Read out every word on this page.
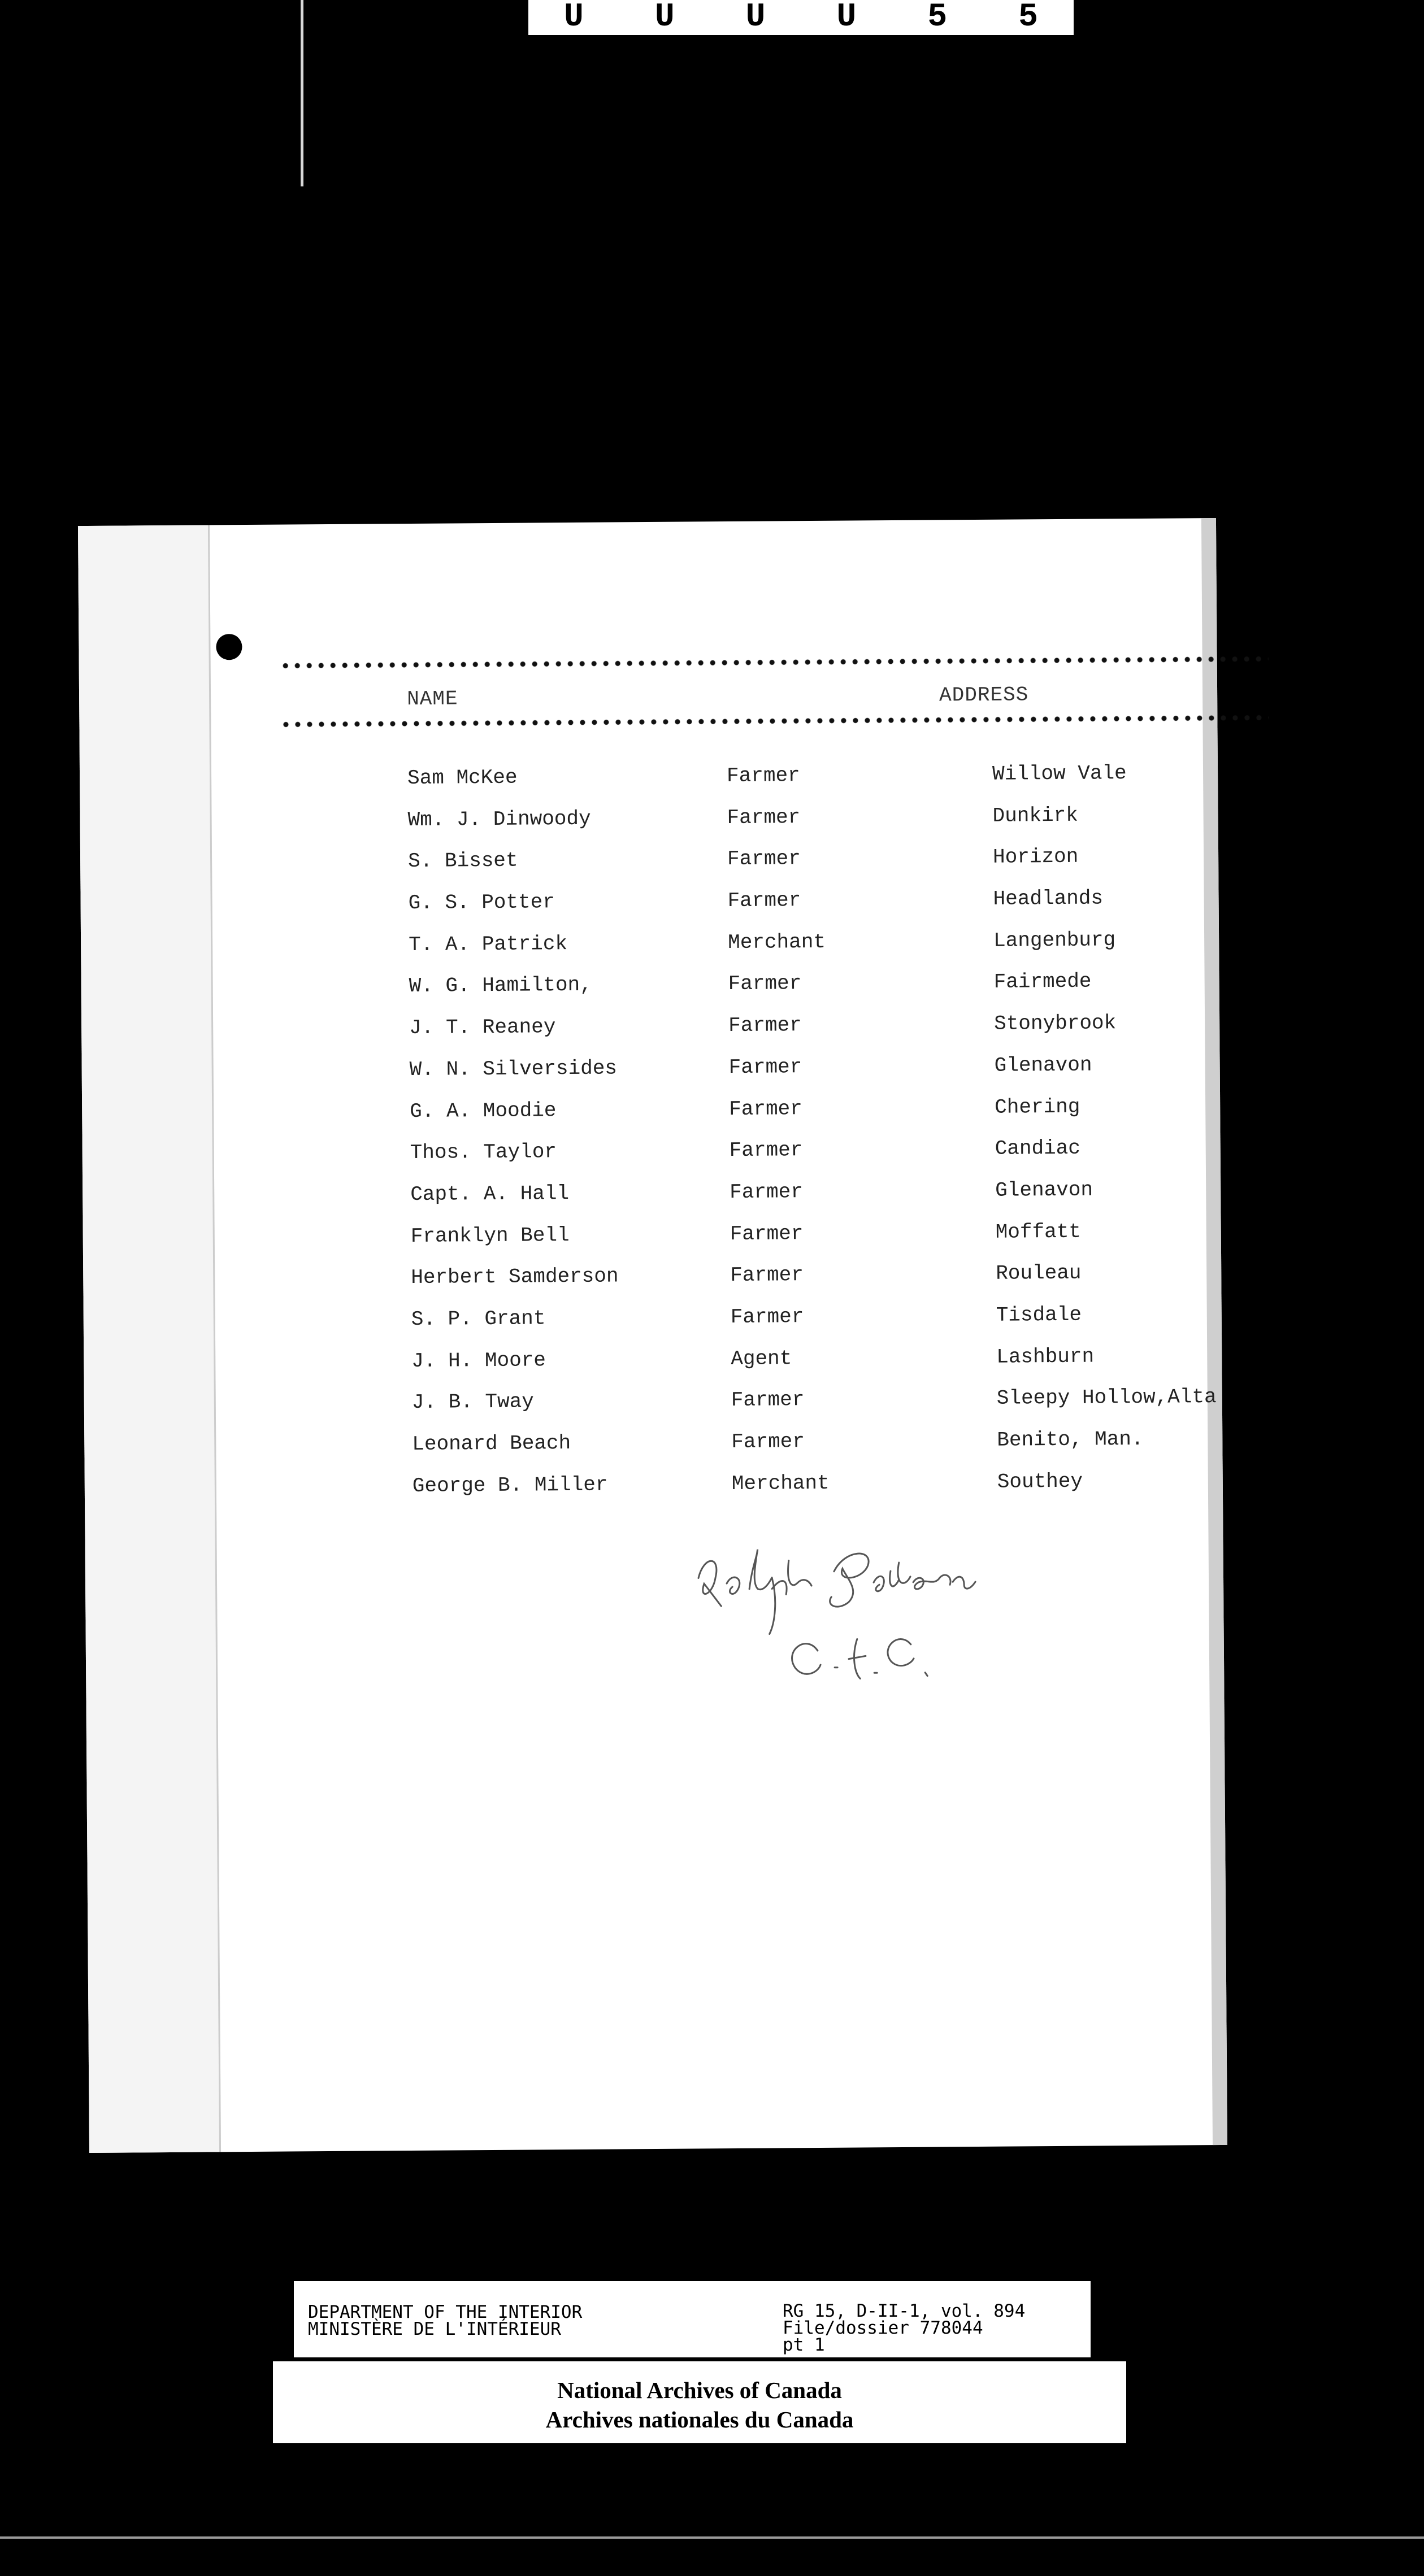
U U U U 5 5
NAME	ADDRESS
Sam McKee	Farmer	Willow Vale
Wm. J. Dinwoody	Farmer	Dunkirk
S. Bisset	Farmer	Horizon
G. S. Potter	Farmer	Headlands
T. A. Patrick	Merchant	Langenburg
W. G. Hamilton,	Farmer	Fairmede
J. T. Reaney	Farmer	Stonybrook
W. N. Silversides	Farmer	Glenavon
G. A. Moodie	Farmer	Chering
Thos. Taylor	Farmer	Candiac
Capt. A. Hall	Farmer	Glenavon
Franklyn Bell	Farmer	Moffatt
Herbert Samderson	Farmer	Rouleau
S. P. Grant	Farmer	Tisdale
J. H. Moore	Agent	Lashburn
J. B. Tway	Farmer	Sleepy Hollow,Alta
Leonard Beach	Farmer	Benito, Man.
George B. Miller	Merchant	Southey
DEPARTMENT OF THE INTERIOR
MINISTÈRE DE L'INTÉRIEUR
RG 15, D-II-1, vol. 894
File/dossier 778044
pt 1
National Archives of Canada
Archives nationales du Canada
